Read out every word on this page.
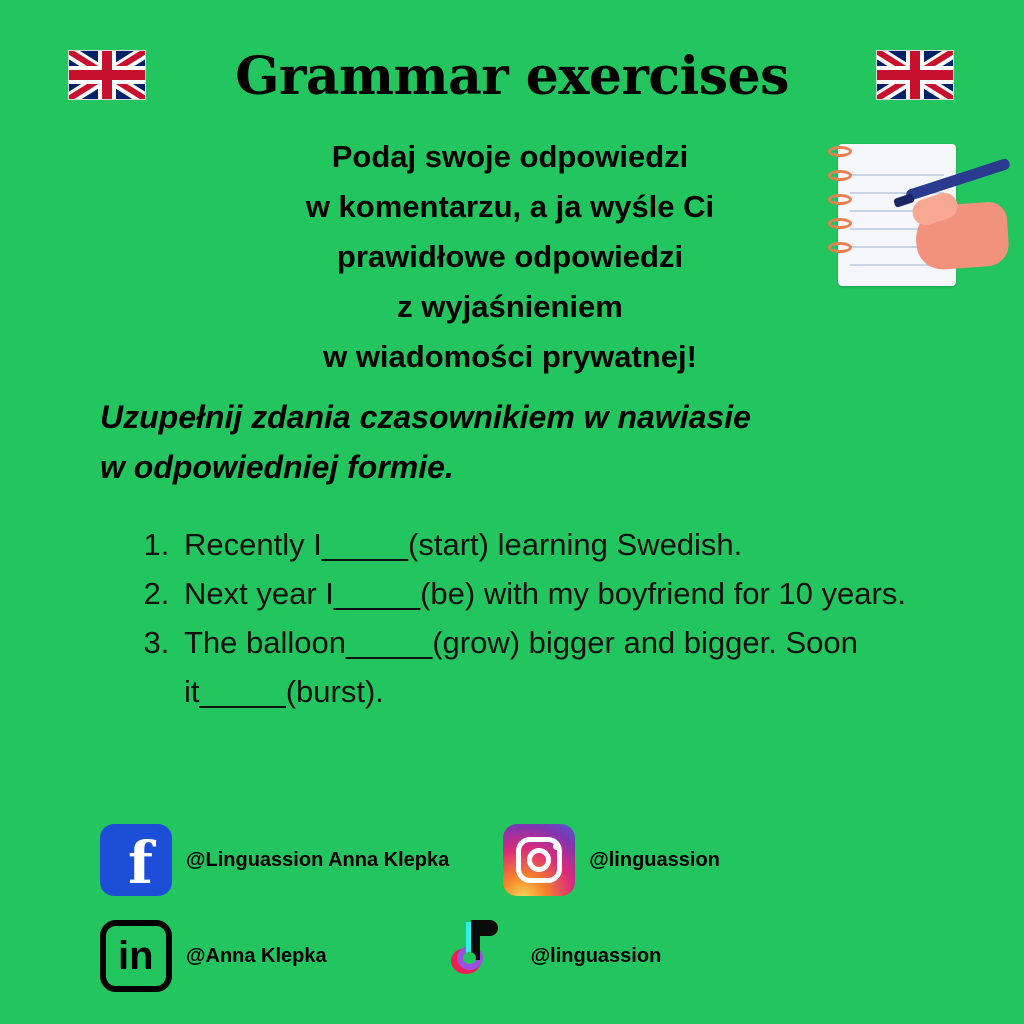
Grammar exercises
Podaj swoje odpowiedzi
w komentarzu, a ja wyśle Ci
prawidłowe odpowiedzi
z wyjaśnieniem
w wiadomości prywatnej!
Uzupełnij zdania czasownikiem w nawiasie
w odpowiedniej formie.
1. Recently I_____(start) learning Swedish.
2. Next year I_____(be) with my boyfriend for 10 years.
3. The balloon_____(grow) bigger and bigger. Soon it_____(burst).
f @Linguassion Anna Klepka	@linguassion
in @Anna Klepka	@linguassion
